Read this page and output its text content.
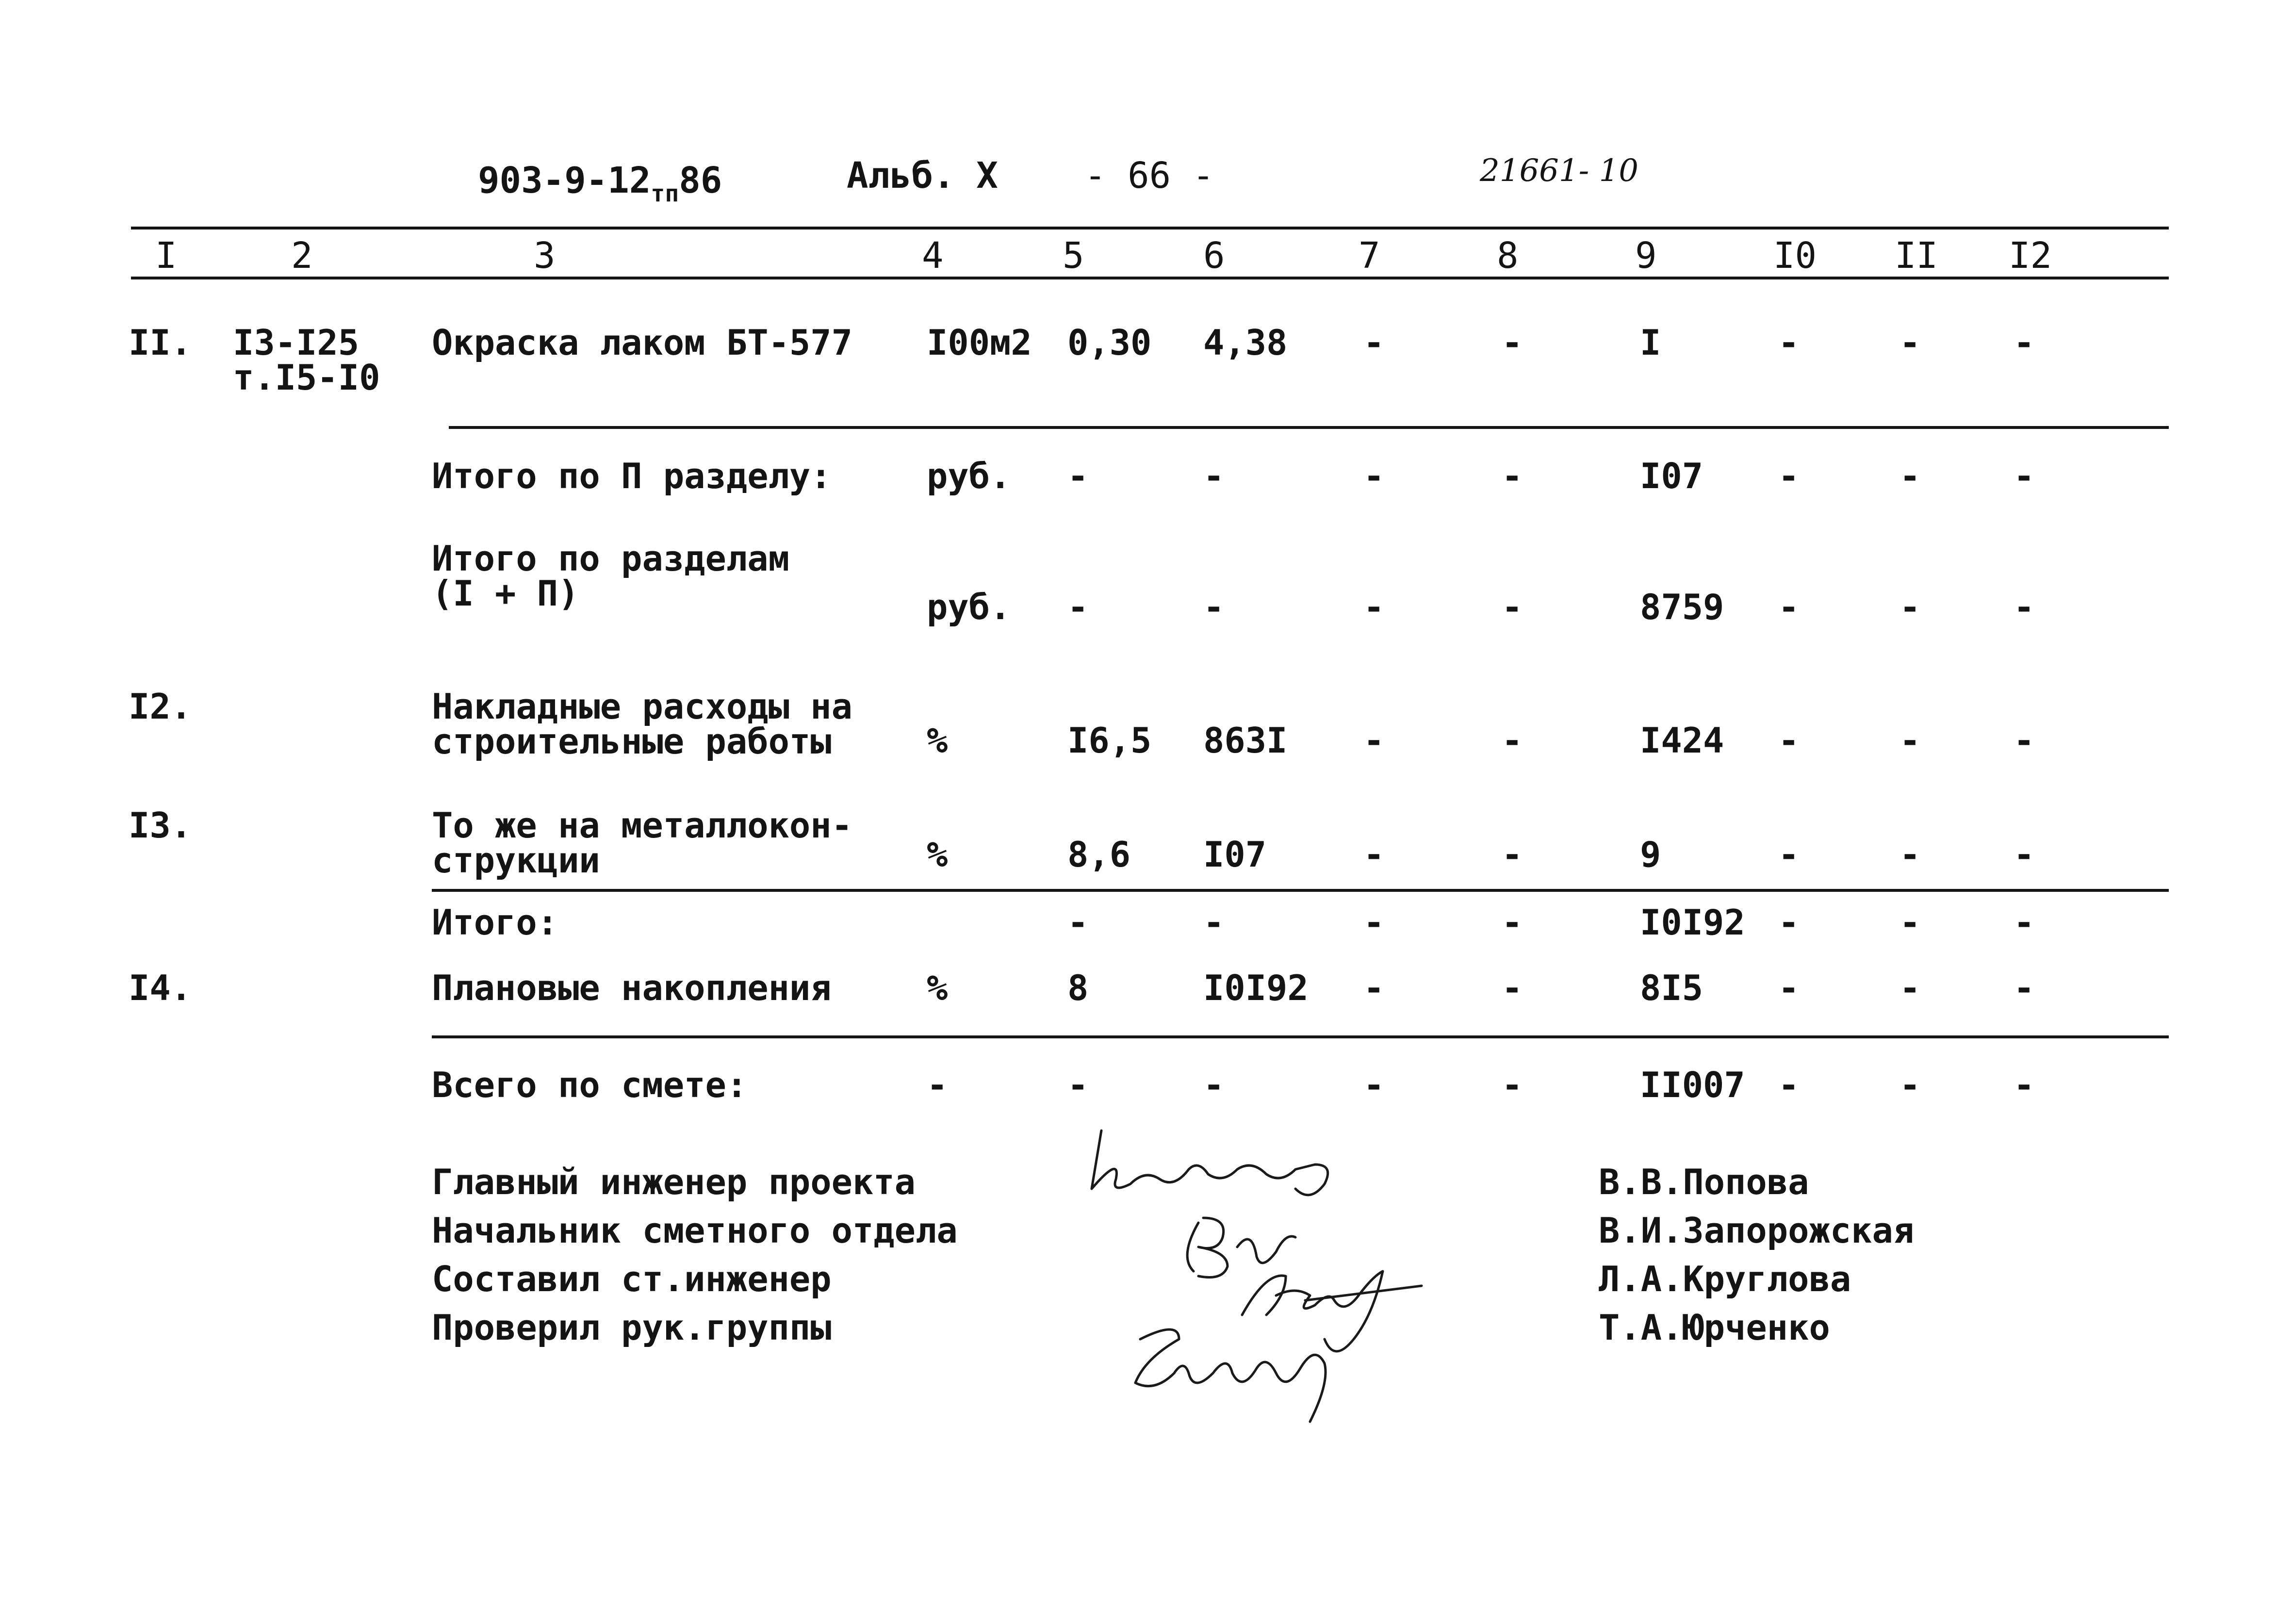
$903-9-12_{тп}86$	Альб. X - 66 -	21661- 10
I	2	3	4	5	6	7	8	9	I0 II I2
II. I3-I25
т.I5-I0
Окраска лаком БТ-577 I00м2 0,30 4,38 -	-	I	-	-	-
Итого по П разделу:	руб. -	-	-	-	I07 -	-	-
Итого по разделам
(I + П)	руб. -	-	-	-	8759 -	-	-
I2.	Накладные расходы на
строительные работы	%	I6,5 863I -	-	I424 -	-	-
I3.	То же на металлокон-
струкции	%	8,6 I07	-	-	9	-	-	-
Итого:	-	-	-	-	I0I92 -	-	-
I4.	Плановые накопления	%	8	I0I92 -	-	8I5 -	-	-
Всего по смете:	-	-	-	-	-	II007 -	-	-
Главный инженер проекта	В.В.Попова
Начальник сметного отдела	В.И.Запорожская
Составил ст.инженер	Л.А.Круглова
Проверил рук.группы	Т.А.Юрченко
